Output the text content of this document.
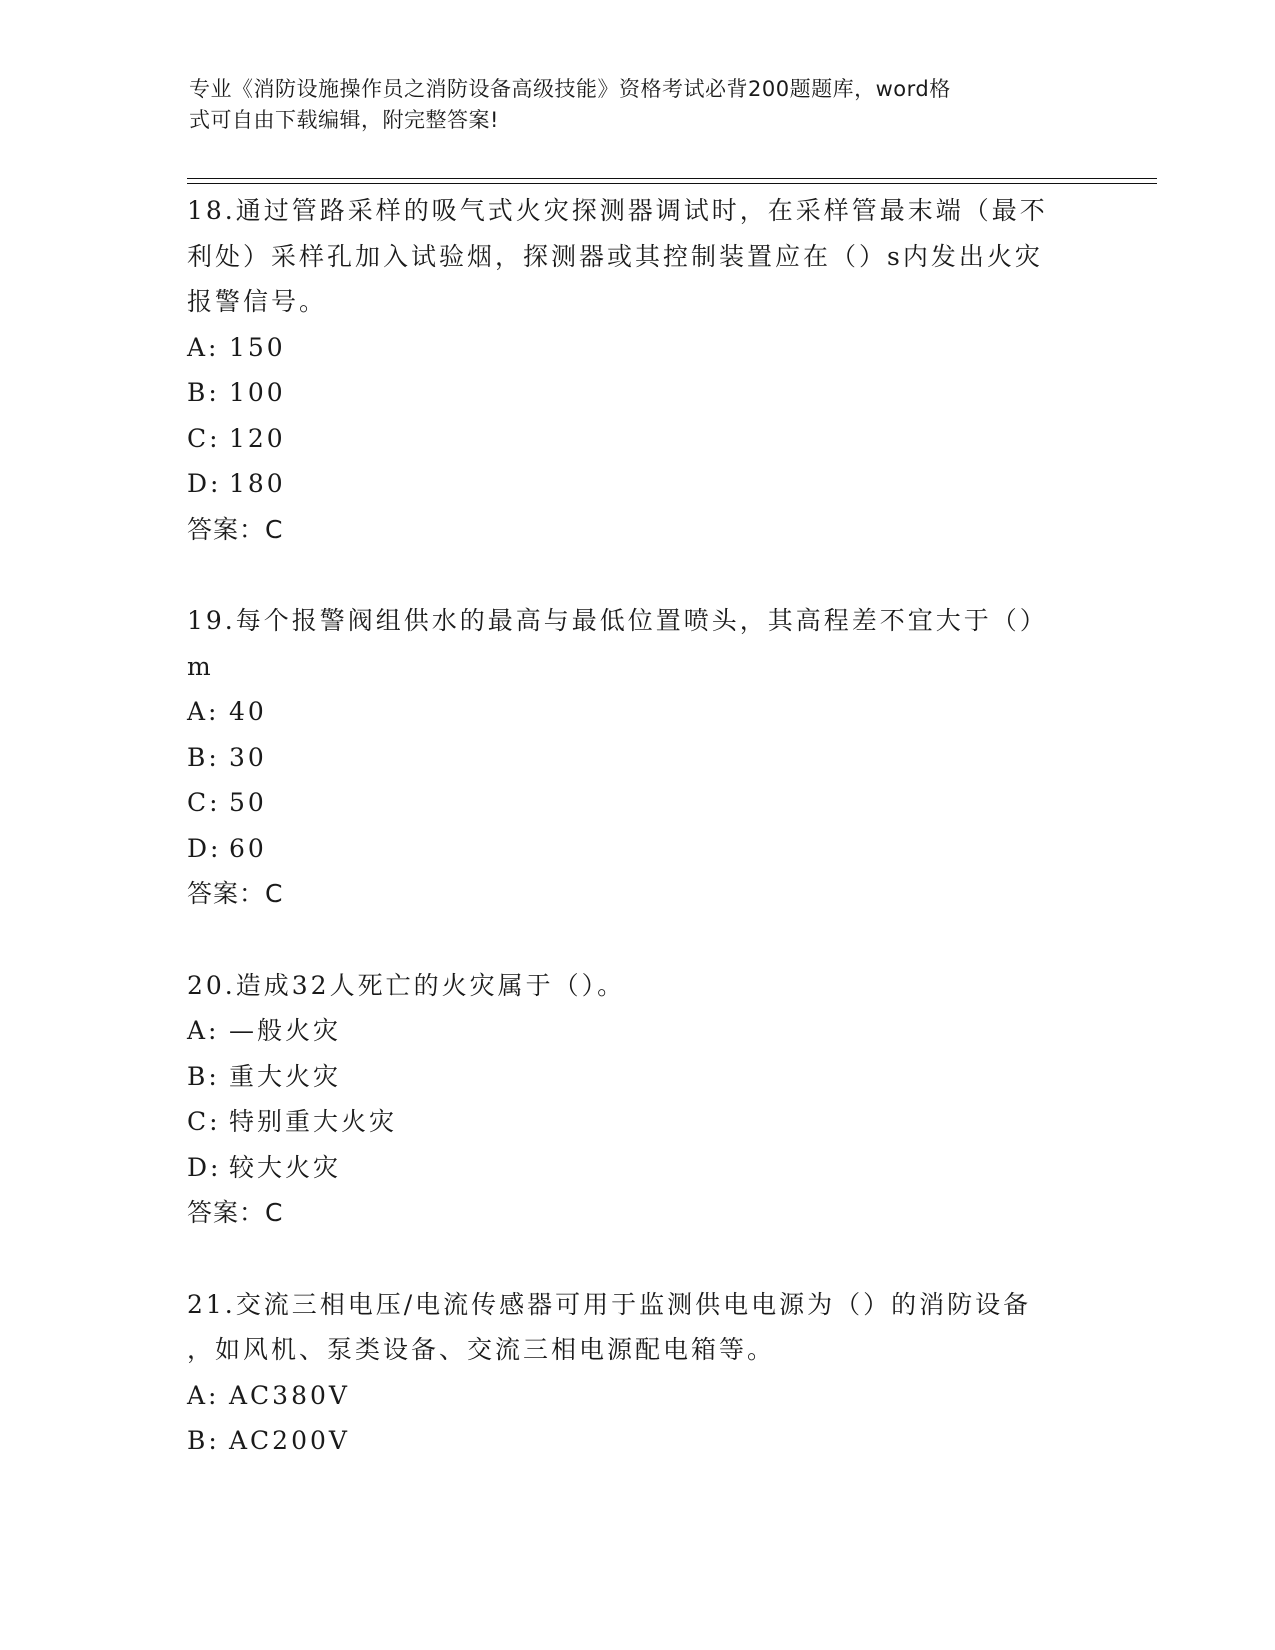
专业《消防设施操作员之消防设备高级技能》资格考试必背200题题库，word格
式可自由下载编辑，附完整答案!
18.通过管路采样的吸气式火灾探测器调试时，在采样管最末端（最不
利处）采样孔加入试验烟，探测器或其控制装置应在（）s内发出火灾
报警信号。
A: 150
B: 100
C: 120
D: 180
答案：C
19.每个报警阀组供水的最高与最低位置喷头，其高程差不宜大于（）
m
A: 40
B: 30
C: 50
D: 60
答案：C
20.造成32人死亡的火灾属于（）。
A: —般火灾
B: 重大火灾
C: 特别重大火灾
D: 较大火灾
答案：C
21.交流三相电压/电流传感器可用于监测供电电源为（）的消防设备
，如风机、泵类设备、交流三相电源配电箱等。
A: AC380V
B: AC200V
